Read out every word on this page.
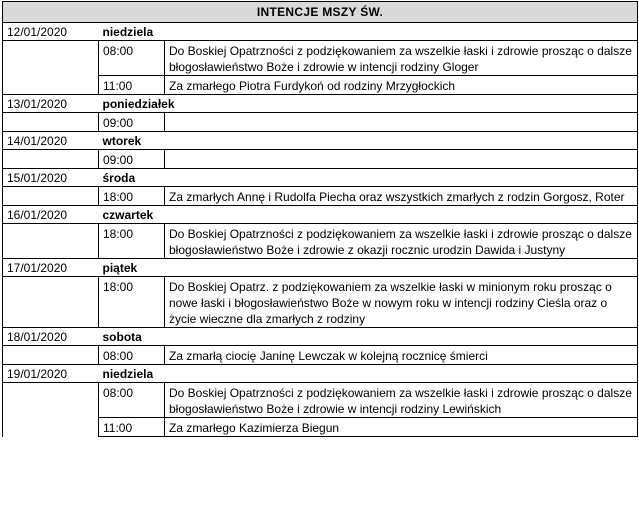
INTENCJE MSZY ŚW.		
12/01/2020	niedziela	
	08:00	Do Boskiej Opatrzności z podziękowaniem za wszelkie łaski i zdrowie prosząc o dalsze błogosławieństwo Boże i zdrowie w intencji rodziny Gloger
	11:00	Za zmarłego Piotra Furdykoń od rodziny Mrzygłockich
13/01/2020	poniedziałek	
	09:00	
14/01/2020	wtorek	
	09:00	
15/01/2020	środa	
	18:00	Za zmarłych Annę i Rudolfa Piecha oraz wszystkich zmarłych z rodzin Gorgosz, Roter
16/01/2020	czwartek	
	18:00	Do Boskiej Opatrzności z podziękowaniem za wszelkie łaski i zdrowie prosząc o dalsze błogosławieństwo Boże i zdrowie z okazji rocznic urodzin Dawida i Justyny
17/01/2020	piątek	
	18:00	Do Boskiej Opatrz. z podziękowaniem za wszelkie łaski w minionym roku prosząc o nowe łaski i błogosławieństwo Boże w nowym roku w intencji rodziny Cieśla oraz o życie wieczne dla zmarłych z rodziny
18/01/2020	sobota	
	08:00	Za zmarłą ciocię Janinę Lewczak w kolejną rocznicę śmierci
19/01/2020	niedziela	
	08:00	Do Boskiej Opatrzności z podziękowaniem za wszelkie łaski i zdrowie prosząc o dalsze błogosławieństwo Boże i zdrowie w intencji rodziny Lewińskich
	11:00	Za zmarłego Kazimierza Biegun
